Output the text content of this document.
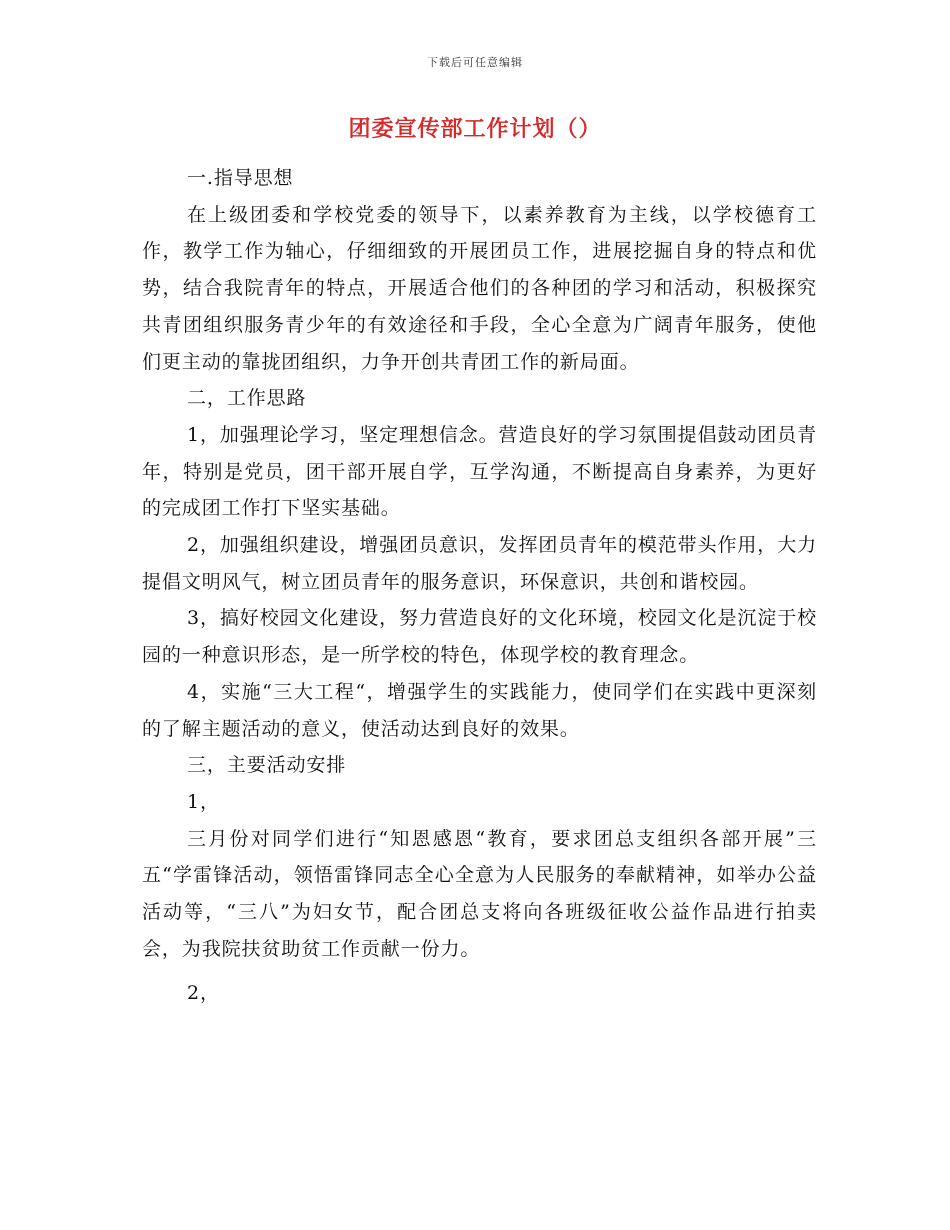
下载后可任意编辑
团委宣传部工作计划（）

一.指导思想

在上级团委和学校党委的领导下，以素养教育为主线，以学校德育工作，教学工作为轴心，仔细细致的开展团员工作，进展挖掘自身的特点和优势，结合我院青年的特点，开展适合他们的各种团的学习和活动，积极探究共青团组织服务青少年的有效途径和手段，全心全意为广阔青年服务，使他们更主动的靠拢团组织，力争开创共青团工作的新局面。

二，工作思路

1，加强理论学习，坚定理想信念。营造良好的学习氛围提倡鼓动团员青年，特别是党员，团干部开展自学，互学沟通，不断提高自身素养，为更好的完成团工作打下坚实基础。

2，加强组织建设，增强团员意识，发挥团员青年的模范带头作用，大力提倡文明风气，树立团员青年的服务意识，环保意识，共创和谐校园。

3，搞好校园文化建设，努力营造良好的文化环境，校园文化是沉淀于校园的一种意识形态，是一所学校的特色，体现学校的教育理念。

4，实施“三大工程“，增强学生的实践能力，使同学们在实践中更深刻的了解主题活动的意义，使活动达到良好的效果。

三，主要活动安排

1，

三月份对同学们进行“知恩感恩“教育，要求团总支组织各部开展”三五“学雷锋活动，领悟雷锋同志全心全意为人民服务的奉献精神，如举办公益活动等，“三八”为妇女节，配合团总支将向各班级征收公益作品进行拍卖会，为我院扶贫助贫工作贡献一份力。

2，
